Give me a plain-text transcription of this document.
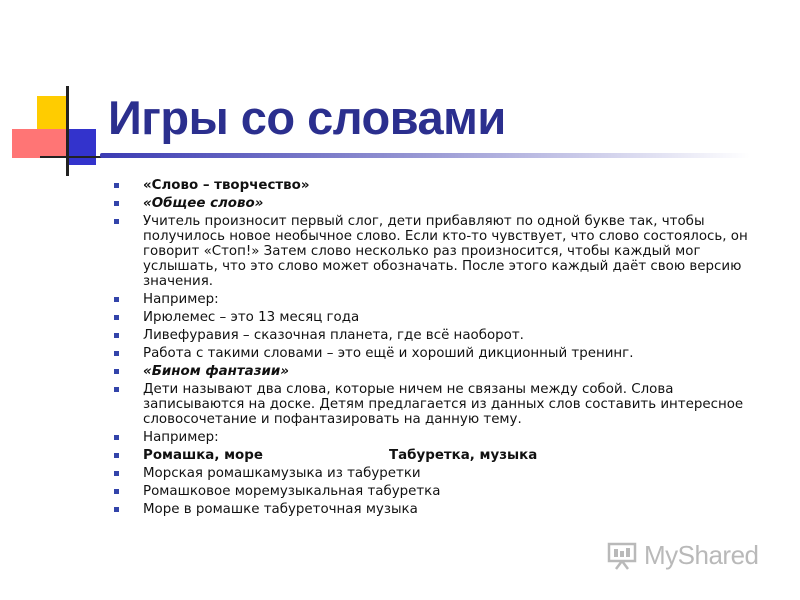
Игры со словами
«Слово – творчество»
«Общее слово»
Учитель произносит первый слог, дети прибавляют по одной букве так, чтобы получилось новое необычное слово. Если кто-то чувствует, что слово состоялось, он говорит «Стоп!» Затем слово несколько раз произносится, чтобы каждый мог услышать, что это слово может обозначать. После этого каждый даёт свою версию значения.
Например:
Ирюлемес – это 13 месяц года
Ливефуравия – сказочная планета, где всё наоборот.
Работа с такими словами – это ещё и хороший дикционный тренинг.
«Бином фантазии»
Дети называют два слова, которые ничем не связаны между собой. Слова записываются на доске. Детям предлагается из данных слов составить интересное словосочетание и пофантазировать на данную тему.
Например:
Ромашка, море	Табуретка, музыка
Морская ромашкамузыка из табуретки
Ромашковое моремузыкальная табуретка
Море в ромашке табуреточная музыка
MyShared
